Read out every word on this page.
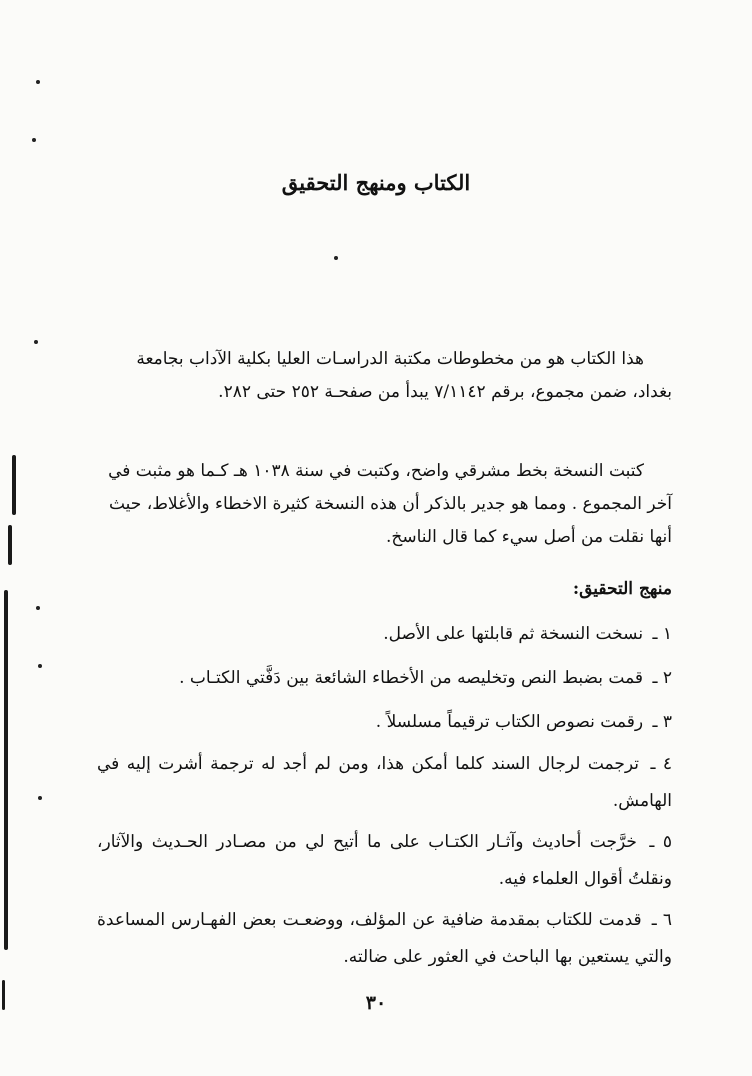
الكتاب ومنهج التحقيق
هذا الكتاب هو من مخطوطات مكتبة الدراسـات العليا بكلية الآداب بجامعة بغداد، ضمن مجموع، برقم ٧/١١٤٢ يبدأ من صفحـة ٢٥٢ حتى ٢٨٢.
كتبت النسخة بخط مشرقي واضح، وكتبت في سنة ١٠٣٨ هـ كـما هو مثبت في آخر المجموع . ومما هو جدير بالذكر أن هذه النسخة كثيرة الاخطاء والأغلاط، حيث أنها نقلت من أصل سيء كما قال الناسخ.
منهج التحقيق:
١ ـ نسخت النسخة ثم قابلتها على الأصل.
٢ ـ قمت بضبط النص وتخليصه من الأخطاء الشائعة بين دَفَّتي الكتـاب .
٣ ـ رقمت نصوص الكتاب ترقيماً مسلسلاً .
٤ ـ ترجمت لرجال السند كلما أمكن هذا، ومن لم أجد له ترجمة أشرت إليه في الهامش.
٥ ـ خرَّجت أحاديث وآثـار الكتـاب على ما أتيح لي من مصـادر الحـديث والآثار، ونقلتُ أقوال العلماء فيه.
٦ ـ قدمت للكتاب بمقدمة ضافية عن المؤلف، ووضعـت بعض الفهـارس المساعدة والتي يستعين بها الباحث في العثور على ضالته.
٣٠
